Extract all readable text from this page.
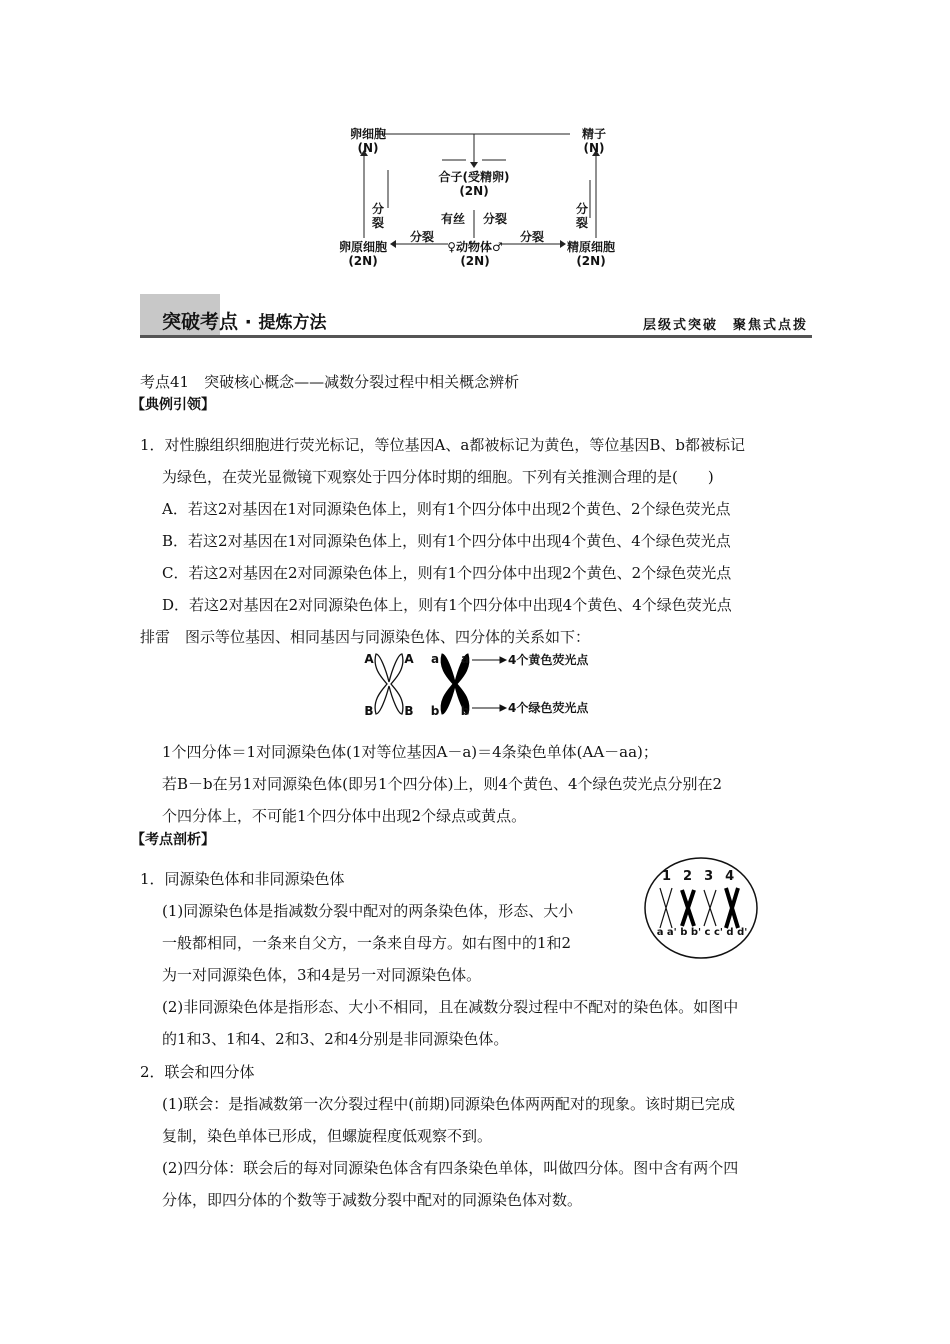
卵细胞
(N)
精子
(N)
合子(受精卵)
(2N)
有丝 分裂
分
裂
分
裂
分裂	分裂
卵原细胞
(2N)
♀动物体♂
(2N)
精原细胞
(2N)
突破考点 · 提炼方法	层级式突破　聚焦式点拨
考点41　突破核心概念——减数分裂过程中相关概念辨析
【典例引领】
1．对性腺组织细胞进行荧光标记，等位基因A、a都被标记为黄色，等位基因B、b都被标记
为绿色，在荧光显微镜下观察处于四分体时期的细胞。下列有关推测合理的是(　　)
A．若这2对基因在1对同源染色体上，则有1个四分体中出现2个黄色、2个绿色荧光点
B．若这2对基因在1对同源染色体上，则有1个四分体中出现4个黄色、4个绿色荧光点
C．若这2对基因在2对同源染色体上，则有1个四分体中出现2个黄色、2个绿色荧光点
D．若这2对基因在2对同源染色体上，则有1个四分体中出现4个黄色、4个绿色荧光点
排雷　图示等位基因、相同基因与同源染色体、四分体的关系如下：
A	A
B	B
a a
b b
4个黄色荧光点
4个绿色荧光点
1个四分体＝1对同源染色体(1对等位基因A－a)＝4条染色单体(AA－aa)；
若B－b在另1对同源染色体(即另1个四分体)上，则4个黄色、4个绿色荧光点分别在2
个四分体上，不可能1个四分体中出现2个绿点或黄点。
【考点剖析】
1．同源染色体和非同源染色体
(1)同源染色体是指减数分裂中配对的两条染色体，形态、大小
一般都相同，一条来自父方，一条来自母方。如右图中的1和2
为一对同源染色体，3和4是另一对同源染色体。
1234
a a' b b' c c' d d'
(2)非同源染色体是指形态、大小不相同，且在减数分裂过程中不配对的染色体。如图中
的1和3、1和4、2和3、2和4分别是非同源染色体。
2．联会和四分体
(1)联会：是指减数第一次分裂过程中(前期)同源染色体两两配对的现象。该时期已完成
复制，染色单体已形成，但螺旋程度低观察不到。
(2)四分体：联会后的每对同源染色体含有四条染色单体，叫做四分体。图中含有两个四
分体，即四分体的个数等于减数分裂中配对的同源染色体对数。
